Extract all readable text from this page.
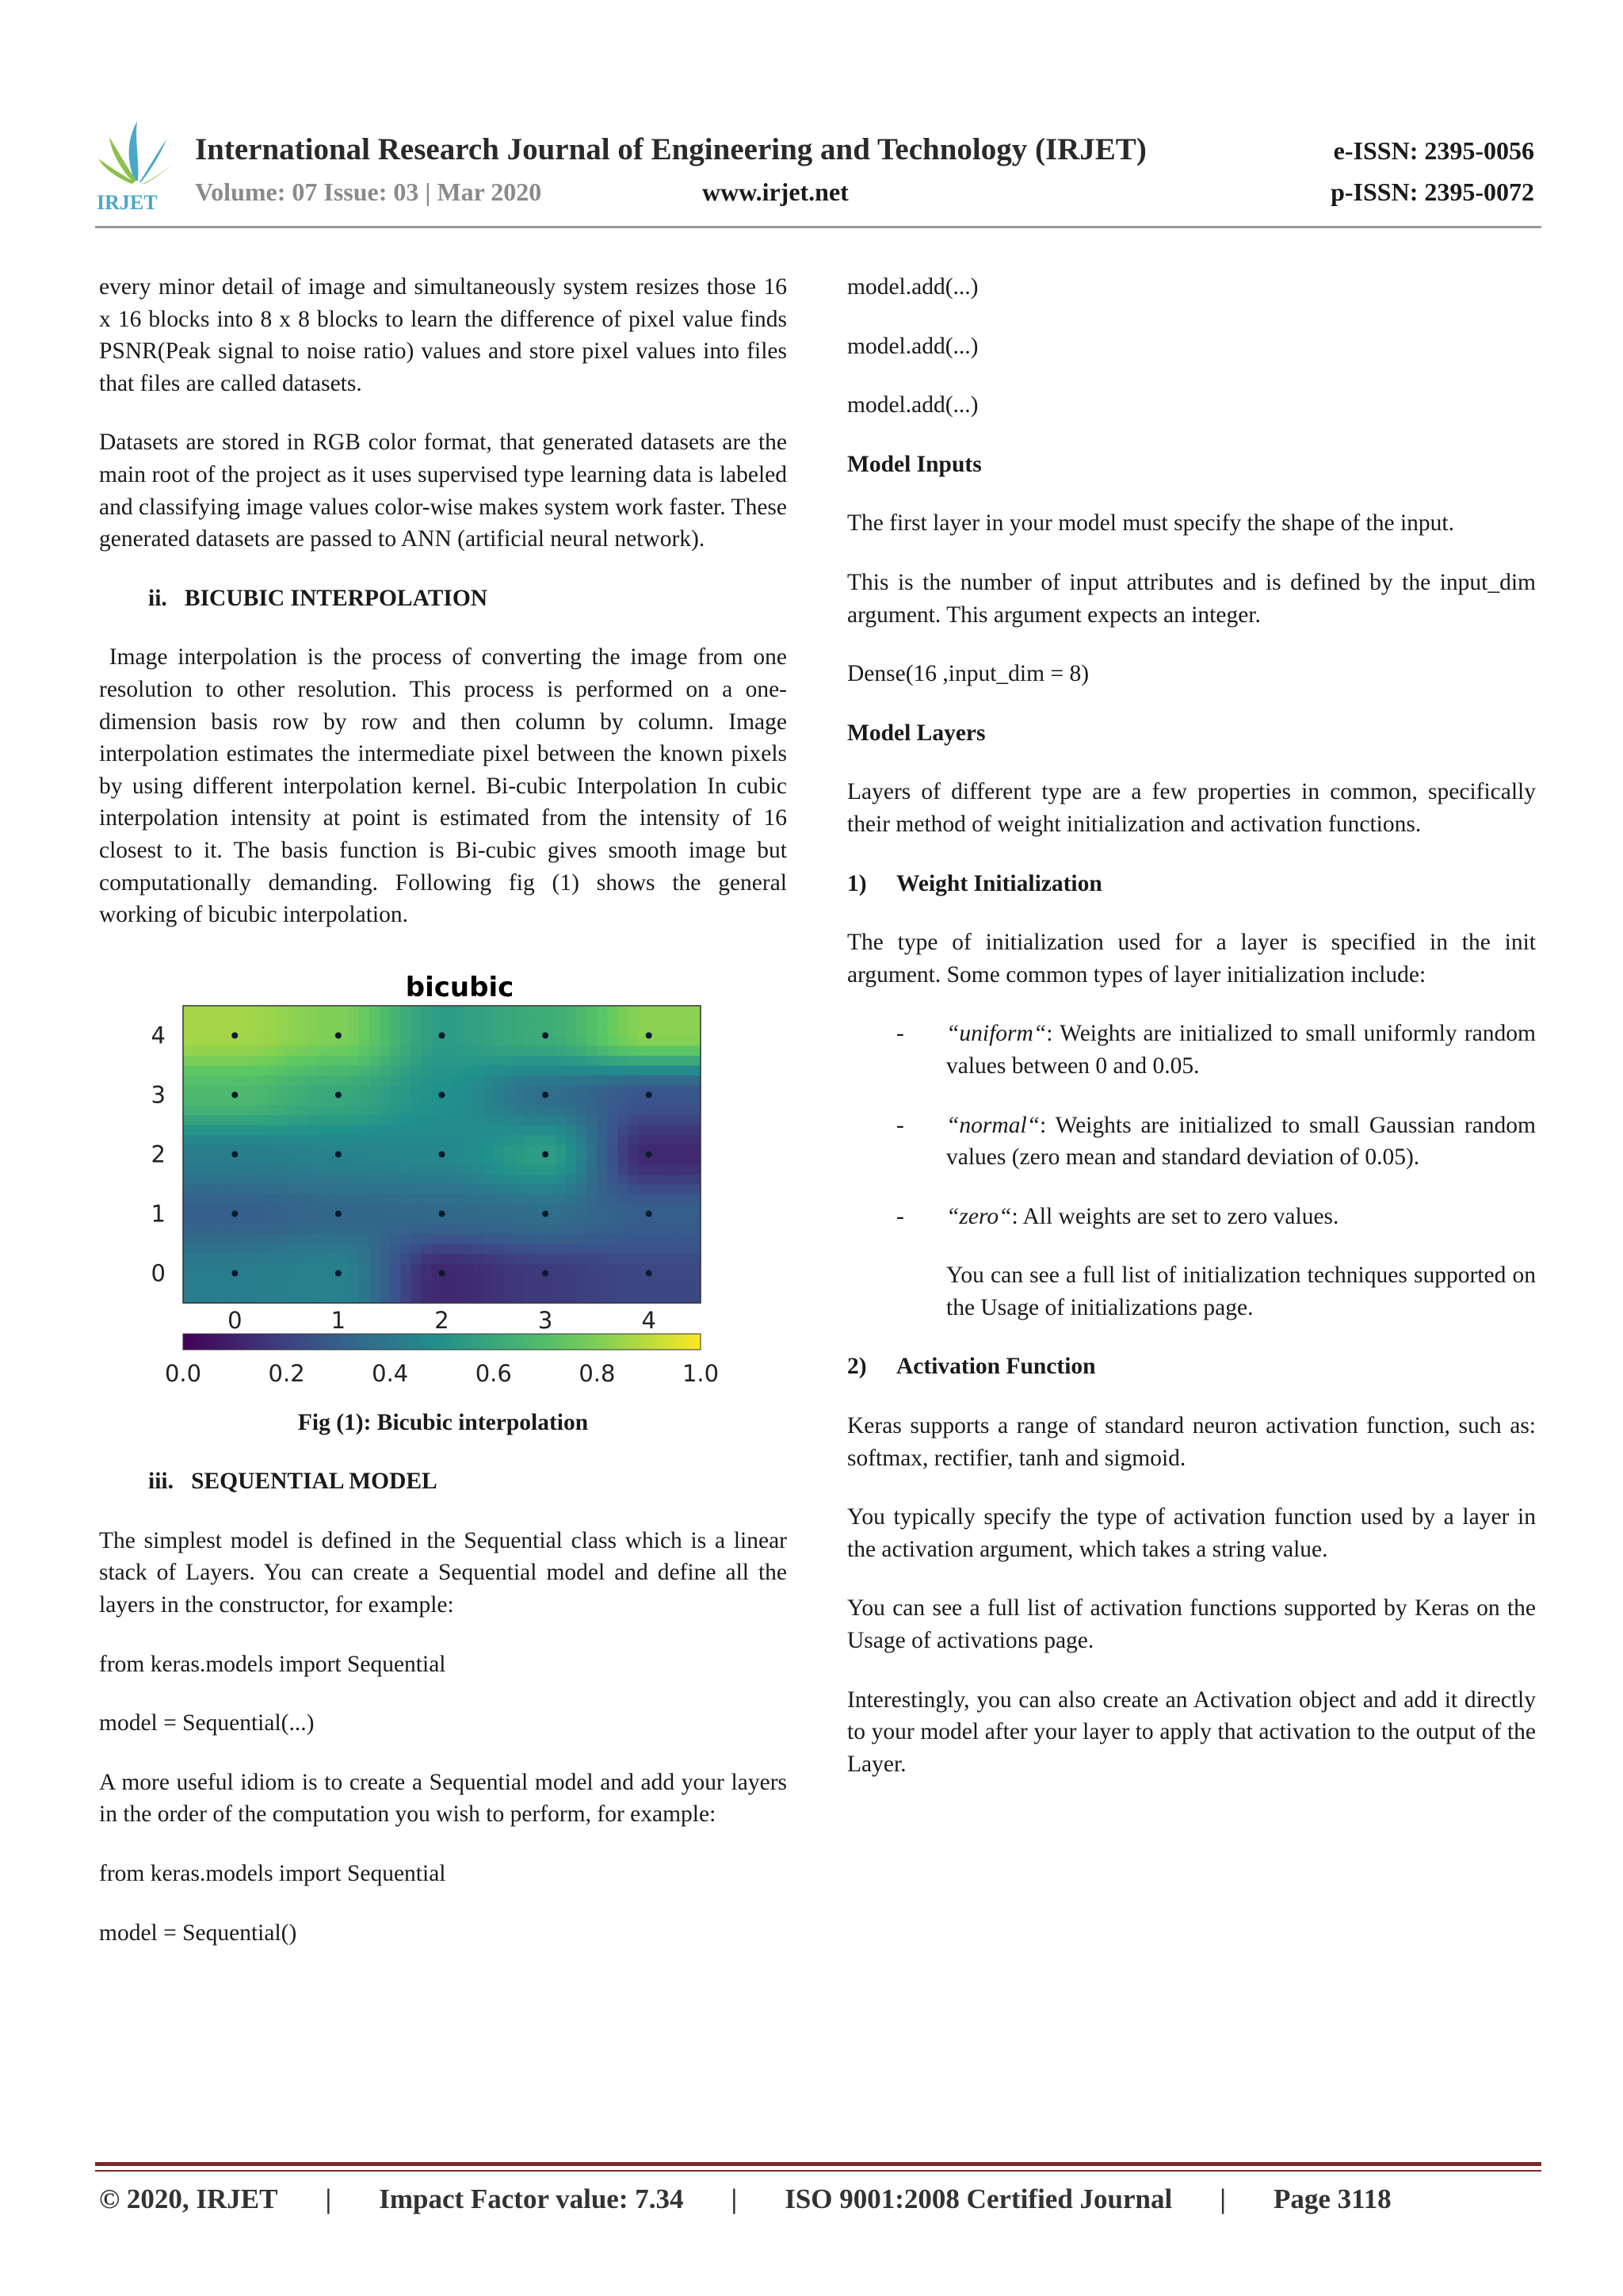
IRJET
International Research Journal of Engineering and Technology (IRJET)	e-ISSN: 2395-0056
Volume: 07 Issue: 03 | Mar 2020	www.irjet.net	p-ISSN: 2395-0072

every minor detail of image and simultaneously system resizes those 16 x 16 blocks into 8 x 8 blocks to learn the difference of pixel value finds PSNR(Peak signal to noise ratio) values and store pixel values into files that files are called datasets.

Datasets are stored in RGB color format, that generated datasets are the main root of the project as it uses supervised type learning data is labeled and classifying image values color-wise makes system work faster. These generated datasets are passed to ANN (artificial neural network).

ii.   BICUBIC INTERPOLATION

Image interpolation is the process of converting the image from one resolution to other resolution. This process is performed on a one-dimension basis row by row and then column by column. Image interpolation estimates the intermediate pixel between the known pixels by using different interpolation kernel. Bi-cubic Interpolation In cubic interpolation intensity at point is estimated from the intensity of 16 closest to it. The basis function is Bi-cubic gives smooth image but computationally demanding. Following fig (1) shows the general working of bicubic interpolation.

bicubic
0	1	2	3	4
0
1
2
3
4
0.0	0.2	0.4	0.6	0.8	1.0
Fig (1): Bicubic interpolation
iii.   SEQUENTIAL MODEL

The simplest model is defined in the Sequential class which is a linear stack of Layers. You can create a Sequential model and define all the layers in the constructor, for example:

from keras.models import Sequential

model = Sequential(...)

A more useful idiom is to create a Sequential model and add your layers in the order of the computation you wish to perform, for example:

from keras.models import Sequential

model = Sequential()

model.add(...)

model.add(...)

model.add(...)

Model Inputs

The first layer in your model must specify the shape of the input.

This is the number of input attributes and is defined by the input_dim argument. This argument expects an integer.

Dense(16 ,input_dim = 8)

Model Layers

Layers of different type are a few properties in common, specifically their method of weight initialization and activation functions.

1) Weight Initialization

The type of initialization used for a layer is specified in the init argument. Some common types of layer initialization include:

- “uniform“: Weights are initialized to small uniformly random values between 0 and 0.05.
- “normal“: Weights are initialized to small Gaussian random values (zero mean and standard deviation of 0.05).
- “zero“: All weights are set to zero values.

You can see a full list of initialization techniques supported on the Usage of initializations page.

2) Activation Function

Keras supports a range of standard neuron activation function, such as: softmax, rectifier, tanh and sigmoid.

You typically specify the type of activation function used by a layer in the activation argument, which takes a string value.

You can see a full list of activation functions supported by Keras on the Usage of activations page.

Interestingly, you can also create an Activation object and add it directly to your model after your layer to apply that activation to the output of the Layer.

© 2020, IRJET | Impact Factor value: 7.34 | ISO 9001:2008 Certified Journal | Page 3118
